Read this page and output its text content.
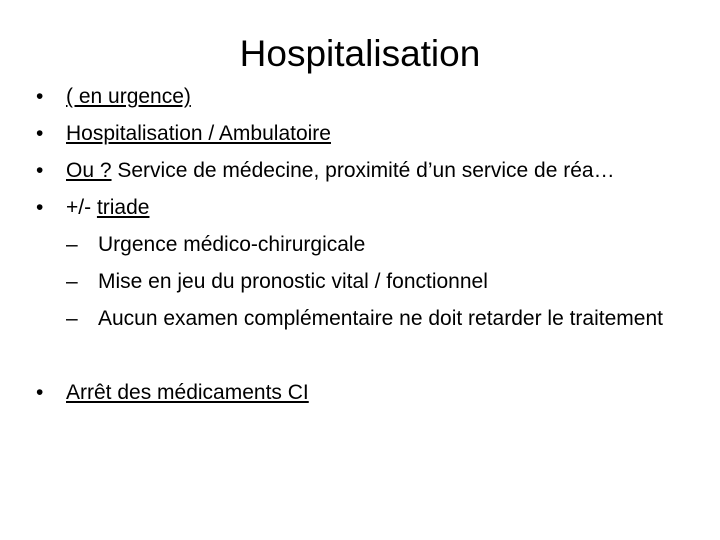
Hospitalisation
•	( en urgence)
•	Hospitalisation / Ambulatoire
•	Ou ? Service de médecine, proximité d’un service de réa…
•	+/- triade
– Urgence médico-chirurgicale
– Mise en jeu du pronostic vital / fonctionnel
– Aucun examen complémentaire ne doit retarder le traitement
•	Arrêt des médicaments CI
